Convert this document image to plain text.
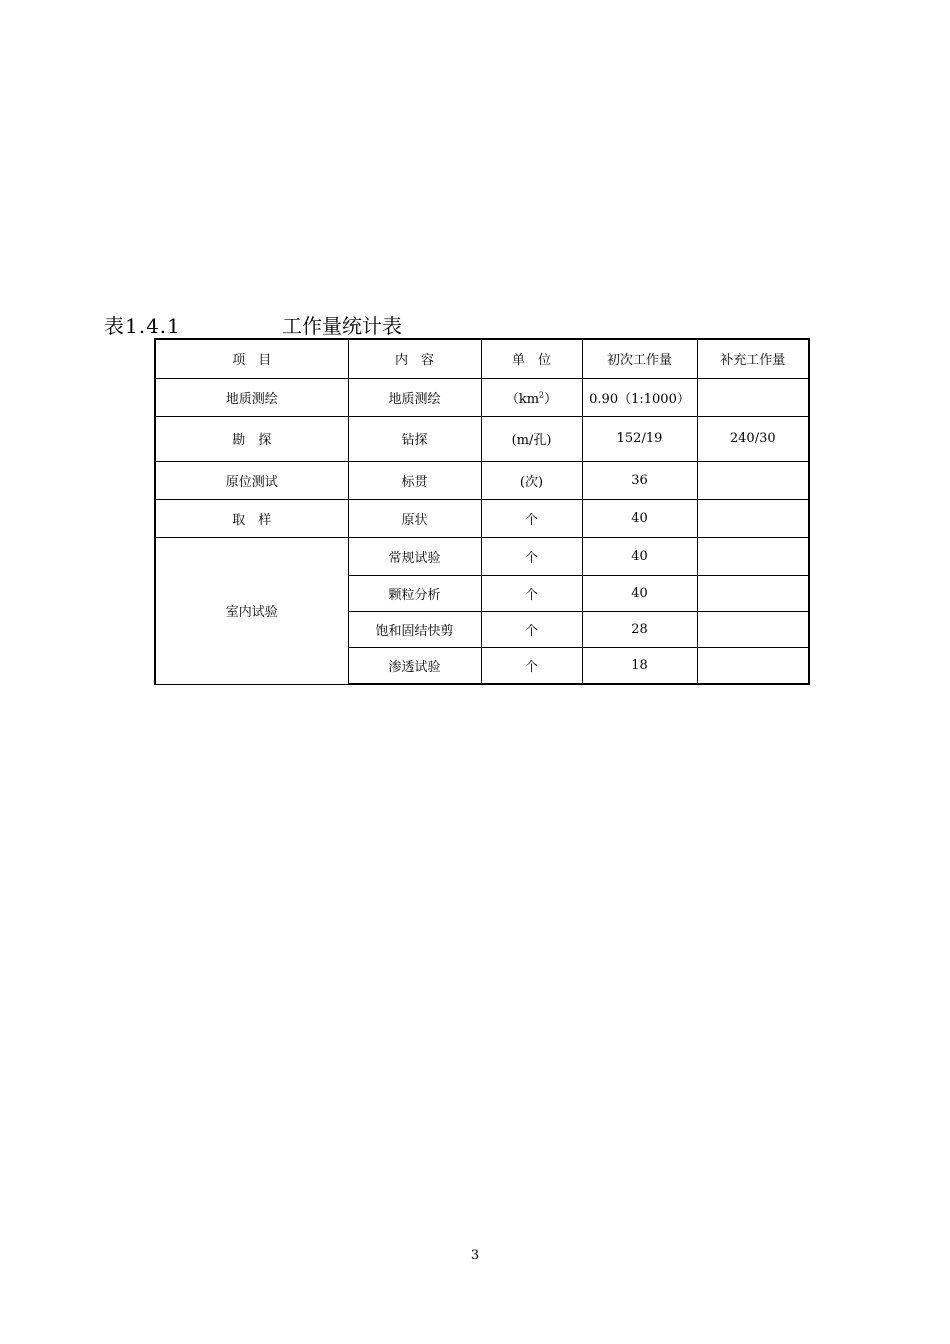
表1.4.1	工作量统计表
项　目	内　容	单　位	初次工作量	补充工作量
地质测绘	地质测绘	$(km^2)$	0.90（1:1000）	
勘　探	钻探	(m/孔)	152/19	240/30
原位测试	标贯	(次)	36	
取　样	原状	个	40	
室内试验	常规试验	个	40	
	颗粒分析	个	40	
	饱和固结快剪	个	28	
	渗透试验	个	18	
3
